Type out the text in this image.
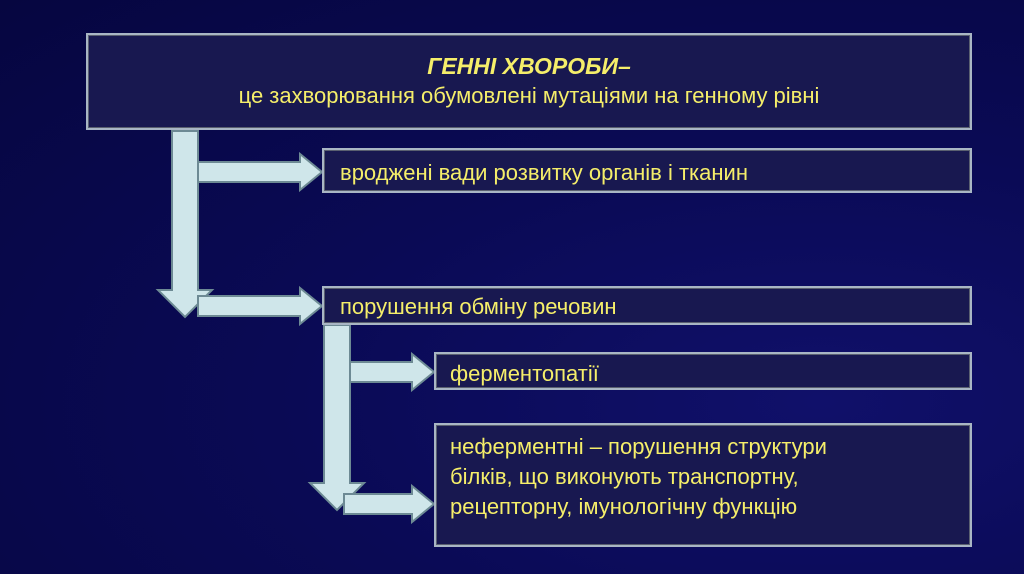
ГЕННІ ХВОРОБИ–
це захворювання обумовлені мутаціями на генному рівні
вроджені вади розвитку органів і тканин
порушення обміну речовин
ферментопатії
неферментні – порушення структури
білків, що виконують транспортну,
рецепторну, імунологічну функцію
